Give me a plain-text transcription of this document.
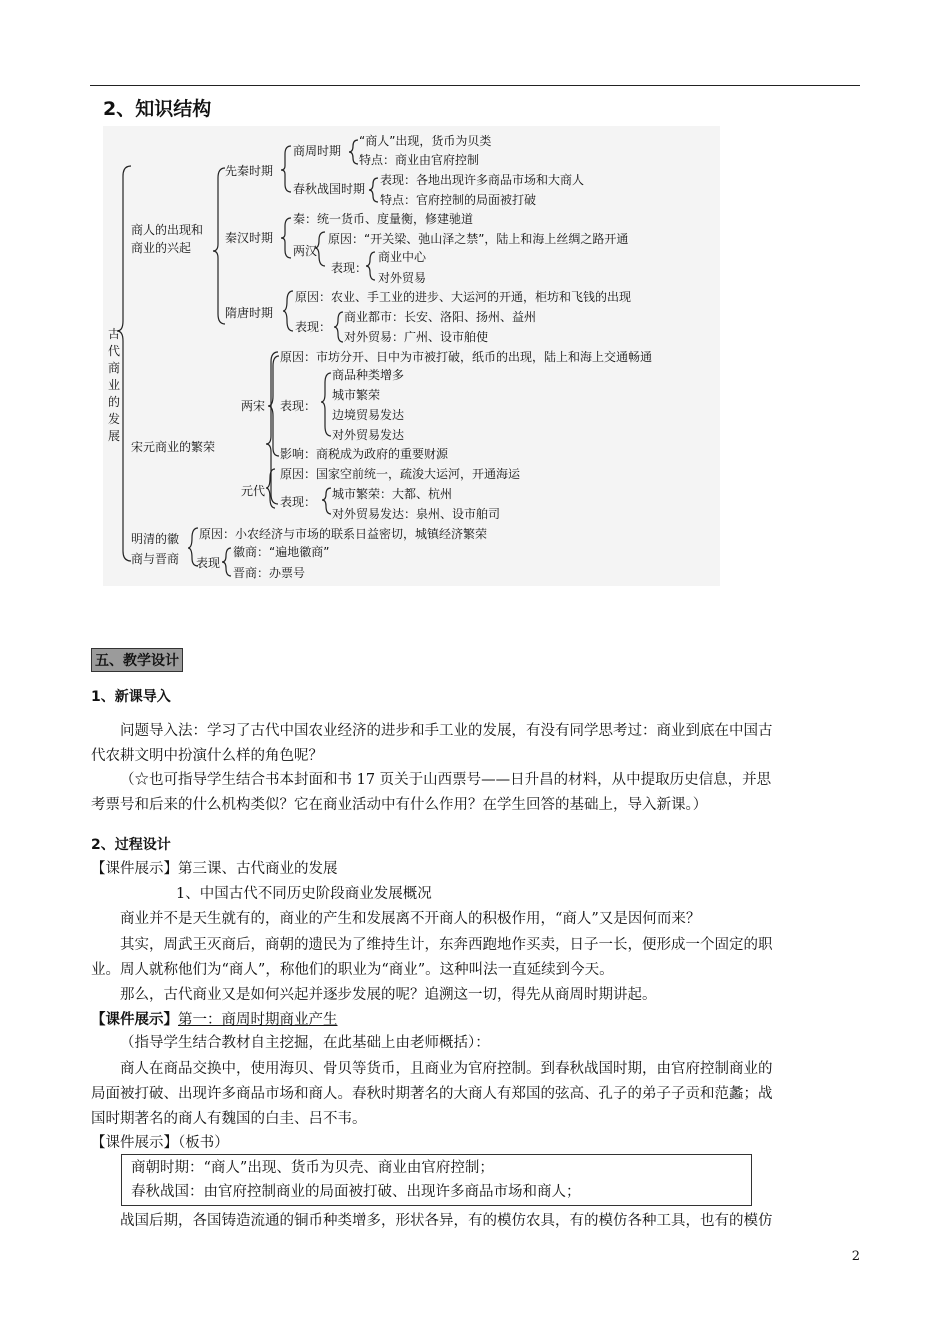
2、知识结构
古代商业的发展
商人的出现和
商业的兴起
宋元商业的繁荣
明清的徽
商与晋商
先秦时期
商周时期
“商人”出现，货币为贝类
特点：商业由官府控制
春秋战国时期
表现：各地出现许多商品市场和大商人
特点：官府控制的局面被打破
秦汉时期
秦：统一货币、度量衡，修建驰道
两汉
原因：“开关梁、弛山泽之禁”，陆上和海上丝绸之路开通
表现：
商业中心
对外贸易
隋唐时期
原因：农业、手工业的进步、大运河的开通，柜坊和飞钱的出现
表现：
商业都市：长安、洛阳、扬州、益州
对外贸易：广州、设市舶使
两宋
原因：市坊分开、日中为市被打破，纸币的出现，陆上和海上交通畅通
表现：
商品种类增多
城市繁荣
边境贸易发达
对外贸易发达
影响：商税成为政府的重要财源
元代
原因：国家空前统一，疏浚大运河，开通海运
表现：
城市繁荣：大都、杭州
对外贸易发达：泉州、设市舶司
原因：小农经济与市场的联系日益密切，城镇经济繁荣
表现
徽商：“遍地徽商”
晋商：办票号
五、教学设计
1、新课导入
问题导入法：学习了古代中国农业经济的进步和手工业的发展，有没有同学思考过：商业到底在中国古
代农耕文明中扮演什么样的角色呢？
（☆也可指导学生结合书本封面和书 17 页关于山西票号——日升昌的材料，从中提取历史信息，并思
考票号和后来的什么机构类似？它在商业活动中有什么作用？在学生回答的基础上，导入新课。）
2、过程设计
【课件展示】第三课、古代商业的发展
1、中国古代不同历史阶段商业发展概况
商业并不是天生就有的，商业的产生和发展离不开商人的积极作用，“商人”又是因何而来？
其实，周武王灭商后，商朝的遗民为了维持生计，东奔西跑地作买卖，日子一长，便形成一个固定的职
业。周人就称他们为“商人”，称他们的职业为“商业”。这种叫法一直延续到今天。
那么，古代商业又是如何兴起并逐步发展的呢？追溯这一切，得先从商周时期讲起。
【课件展示】第一：商周时期商业产生
（指导学生结合教材自主挖掘，在此基础上由老师概括）：
商人在商品交换中，使用海贝、骨贝等货币，且商业为官府控制。到春秋战国时期，由官府控制商业的
局面被打破、出现许多商品市场和商人。春秋时期著名的大商人有郑国的弦高、孔子的弟子子贡和范蠡；战
国时期著名的商人有魏国的白圭、吕不韦。
【课件展示】（板书）
商朝时期：“商人”出现、货币为贝壳、商业由官府控制；
春秋战国：由官府控制商业的局面被打破、出现许多商品市场和商人；
战国后期，各国铸造流通的铜币种类增多，形状各异，有的模仿农具，有的模仿各种工具，也有的模仿
2
